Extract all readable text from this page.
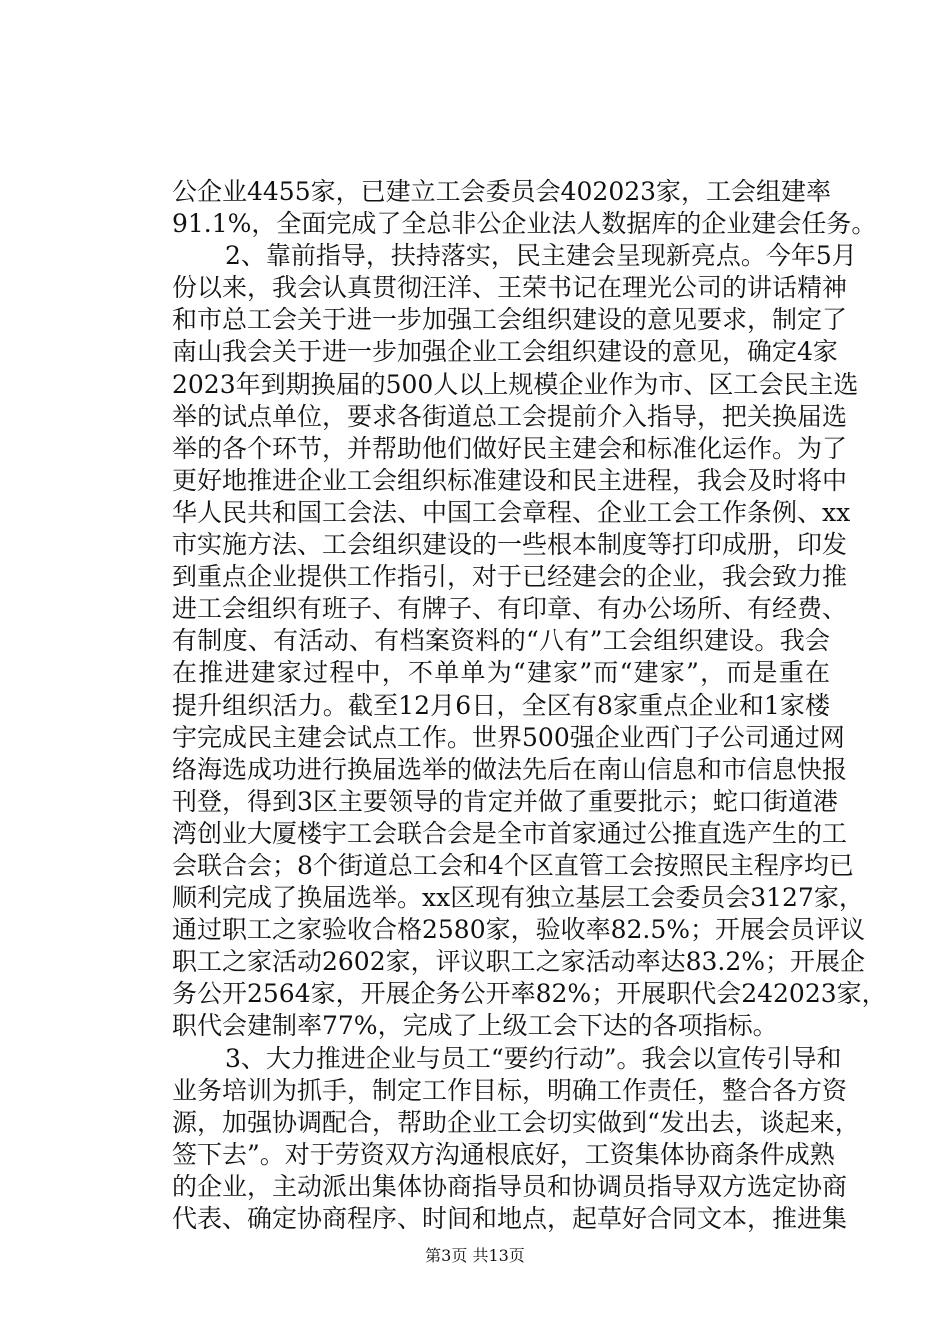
公企业4455家，已建立工会委员会402023家，工会组建率
91.1%，全面完成了全总非公企业法人数据库的企业建会任务。
2、靠前指导，扶持落实，民主建会呈现新亮点。今年5月
份以来，我会认真贯彻汪洋、王荣书记在理光公司的讲话精神
和市总工会关于进一步加强工会组织建设的意见要求，制定了
南山我会关于进一步加强企业工会组织建设的意见，确定4家
2023年到期换届的500人以上规模企业作为市、区工会民主选
举的试点单位，要求各街道总工会提前介入指导，把关换届选
举的各个环节，并帮助他们做好民主建会和标准化运作。为了
更好地推进企业工会组织标准建设和民主进程，我会及时将中
华人民共和国工会法、中国工会章程、企业工会工作条例、xx
市实施方法、工会组织建设的一些根本制度等打印成册，印发
到重点企业提供工作指引，对于已经建会的企业，我会致力推
进工会组织有班子、有牌子、有印章、有办公场所、有经费、
有制度、有活动、有档案资料的“八有”工会组织建设。我会
在推进建家过程中，不单单为“建家”而“建家”，而是重在
提升组织活力。截至12月6日，全区有8家重点企业和1家楼
宇完成民主建会试点工作。世界500强企业西门子公司通过网
络海选成功进行换届选举的做法先后在南山信息和市信息快报
刊登，得到3区主要领导的肯定并做了重要批示；蛇口街道港
湾创业大厦楼宇工会联合会是全市首家通过公推直选产生的工
会联合会；8个街道总工会和4个区直管工会按照民主程序均已
顺利完成了换届选举。xx区现有独立基层工会委员会3127家，
通过职工之家验收合格2580家，验收率82.5%；开展会员评议
职工之家活动2602家，评议职工之家活动率达83.2%；开展企
务公开2564家，开展企务公开率82%；开展职代会242023家，
职代会建制率77%，完成了上级工会下达的各项指标。
3、大力推进企业与员工“要约行动”。我会以宣传引导和
业务培训为抓手，制定工作目标，明确工作责任，整合各方资
源，加强协调配合，帮助企业工会切实做到“发出去，谈起来，
签下去”。对于劳资双方沟通根底好，工资集体协商条件成熟
的企业，主动派出集体协商指导员和协调员指导双方选定协商
代表、确定协商程序、时间和地点，起草好合同文本，推进集
第3页 共13页
